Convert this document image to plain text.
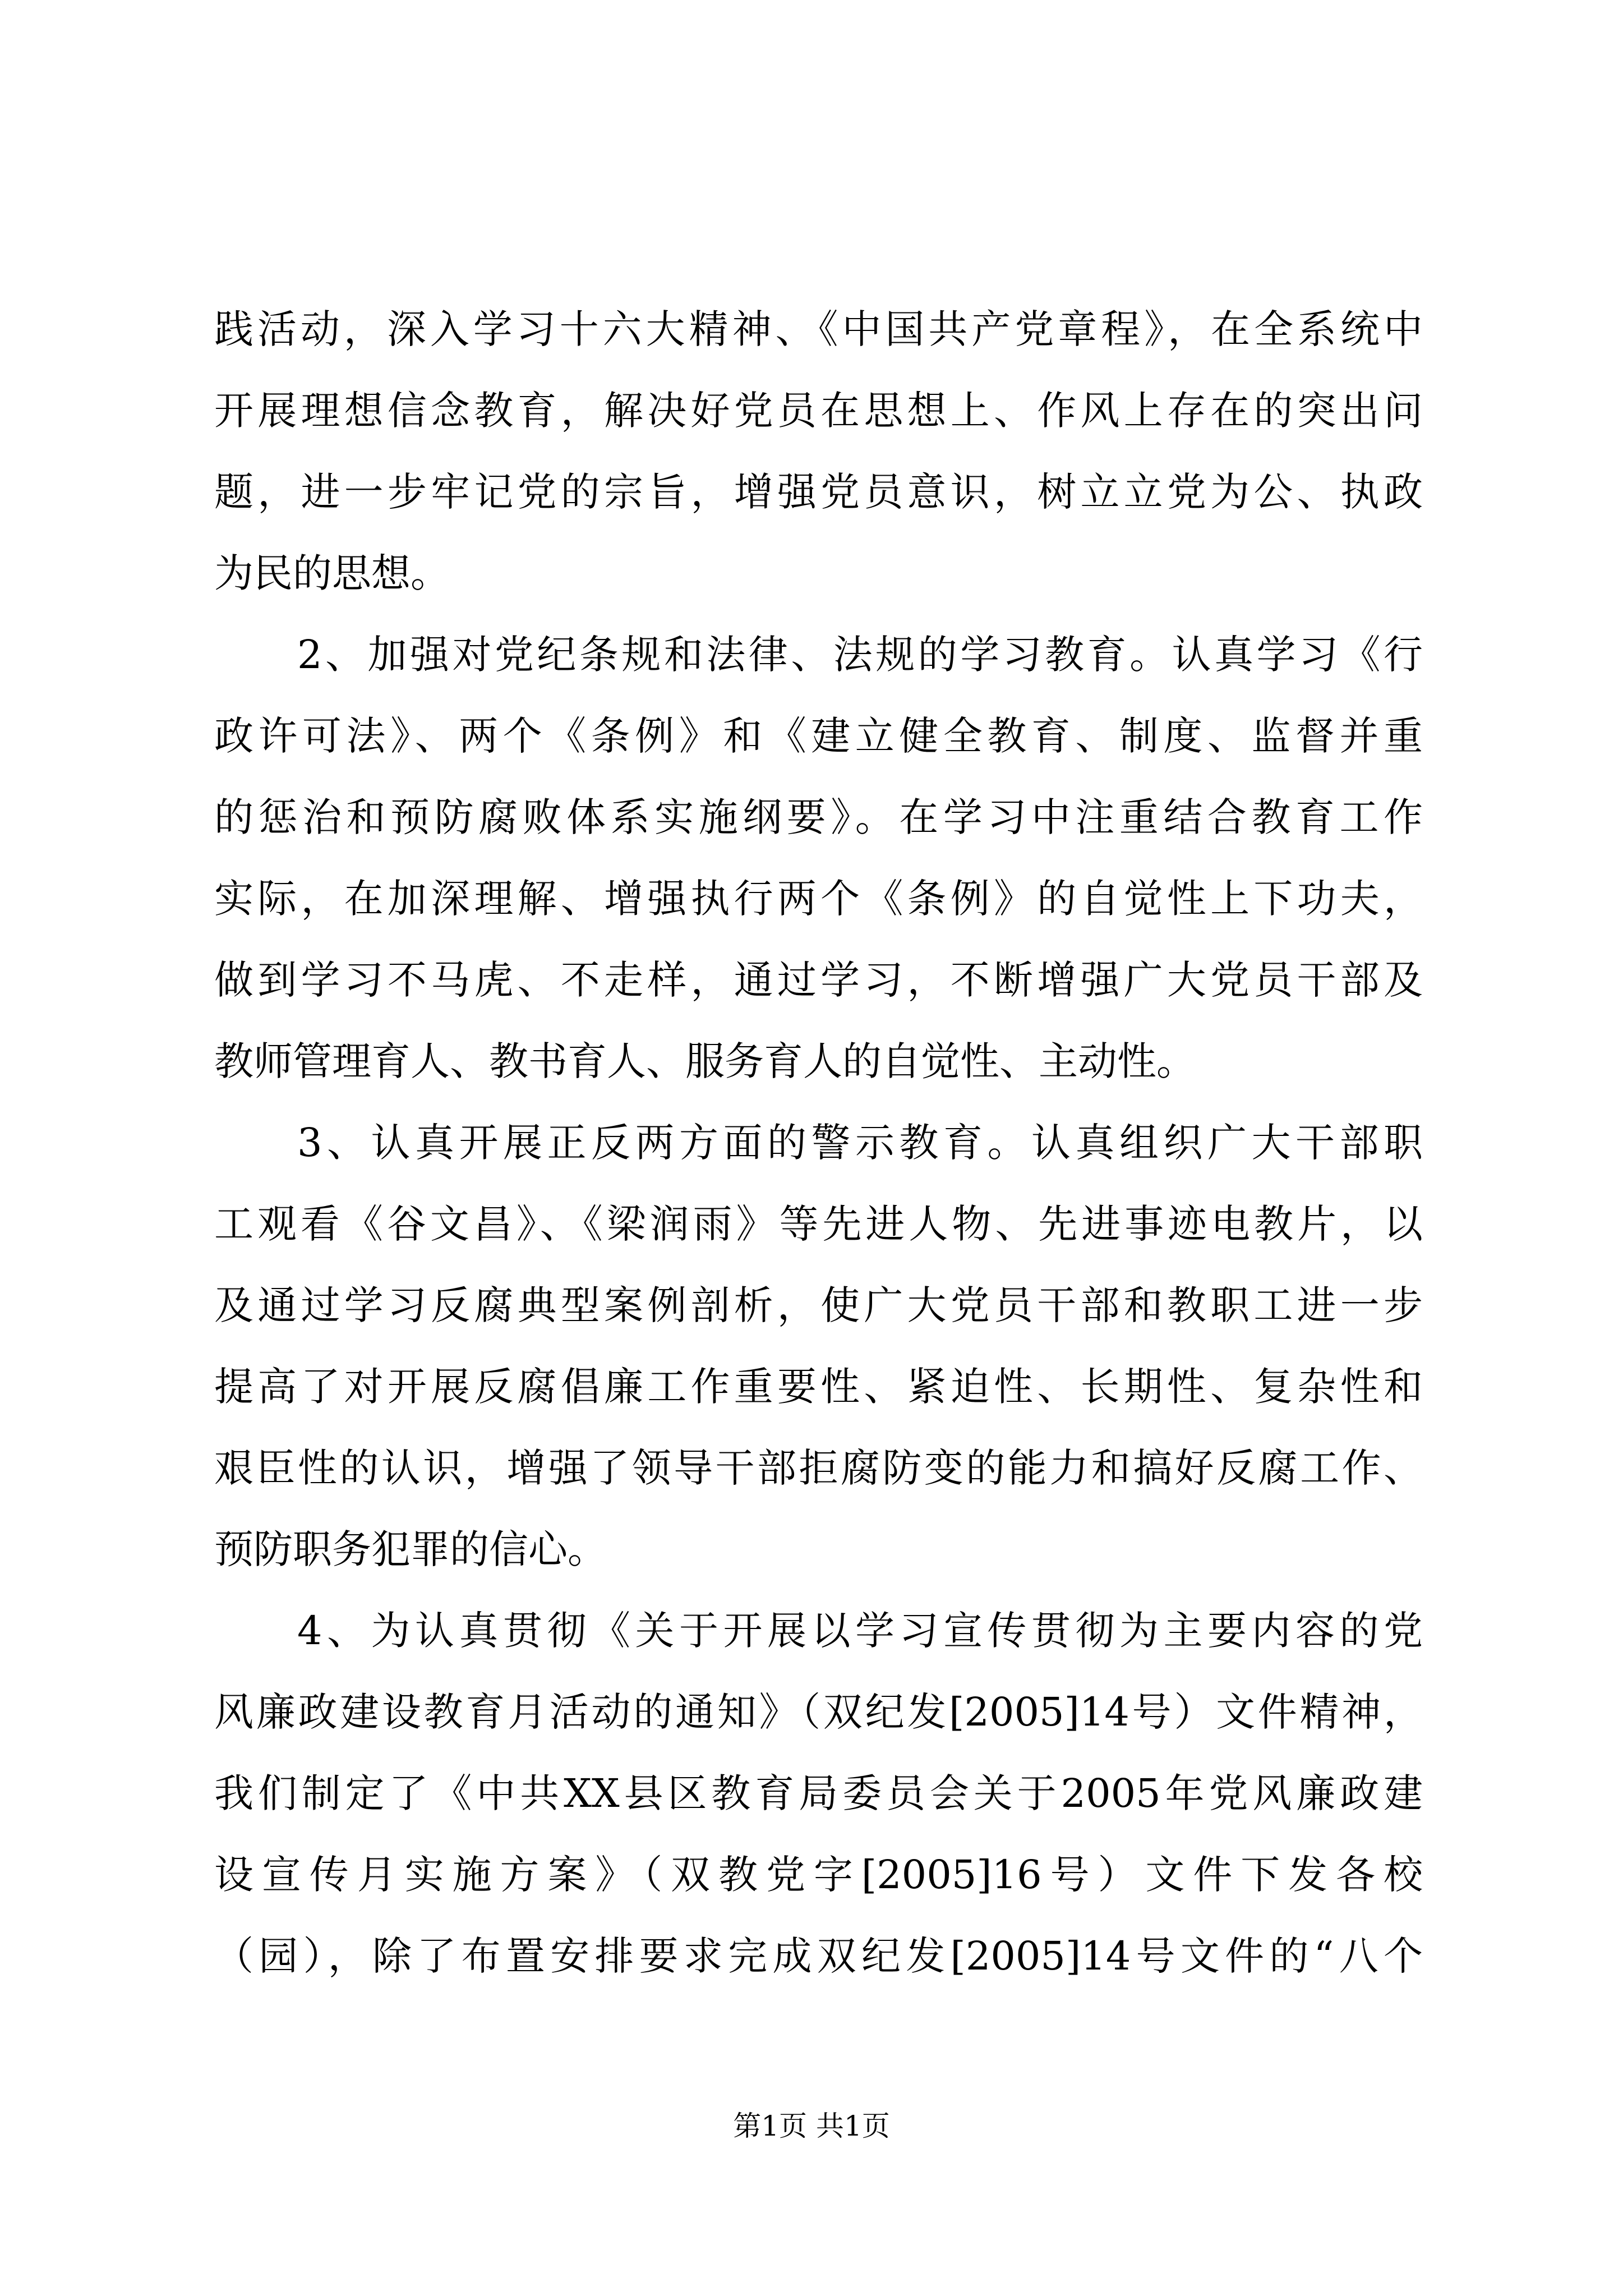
践活动，深入学习十六大精神、《中国共产党章程》，在全系统中
开展理想信念教育，解决好党员在思想上、作风上存在的突出问
题，进一步牢记党的宗旨，增强党员意识，树立立党为公、执政
为民的思想。
2、加强对党纪条规和法律、法规的学习教育。认真学习《行
政许可法》、两个《条例》和《建立健全教育、制度、监督并重
的惩治和预防腐败体系实施纲要》。在学习中注重结合教育工作
实际，在加深理解、增强执行两个《条例》的自觉性上下功夫，
做到学习不马虎、不走样，通过学习，不断增强广大党员干部及
教师管理育人、教书育人、服务育人的自觉性、主动性。
3、认真开展正反两方面的警示教育。认真组织广大干部职
工观看《谷文昌》、《梁润雨》等先进人物、先进事迹电教片，以
及通过学习反腐典型案例剖析，使广大党员干部和教职工进一步
提高了对开展反腐倡廉工作重要性、紧迫性、长期性、复杂性和
艰臣性的认识，增强了领导干部拒腐防变的能力和搞好反腐工作、
预防职务犯罪的信心。
4、为认真贯彻《关于开展以学习宣传贯彻为主要内容的党
风廉政建设教育月活动的通知》（双纪发[2005]14号）文件精神，
我们制定了《中共XX县区教育局委员会关于2005年党风廉政建
设宣传月实施方案》（双教党字[2005]16号）文件下发各校
（园），除了布置安排要求完成双纪发[2005]14号文件的“八个
第1页 共1页
